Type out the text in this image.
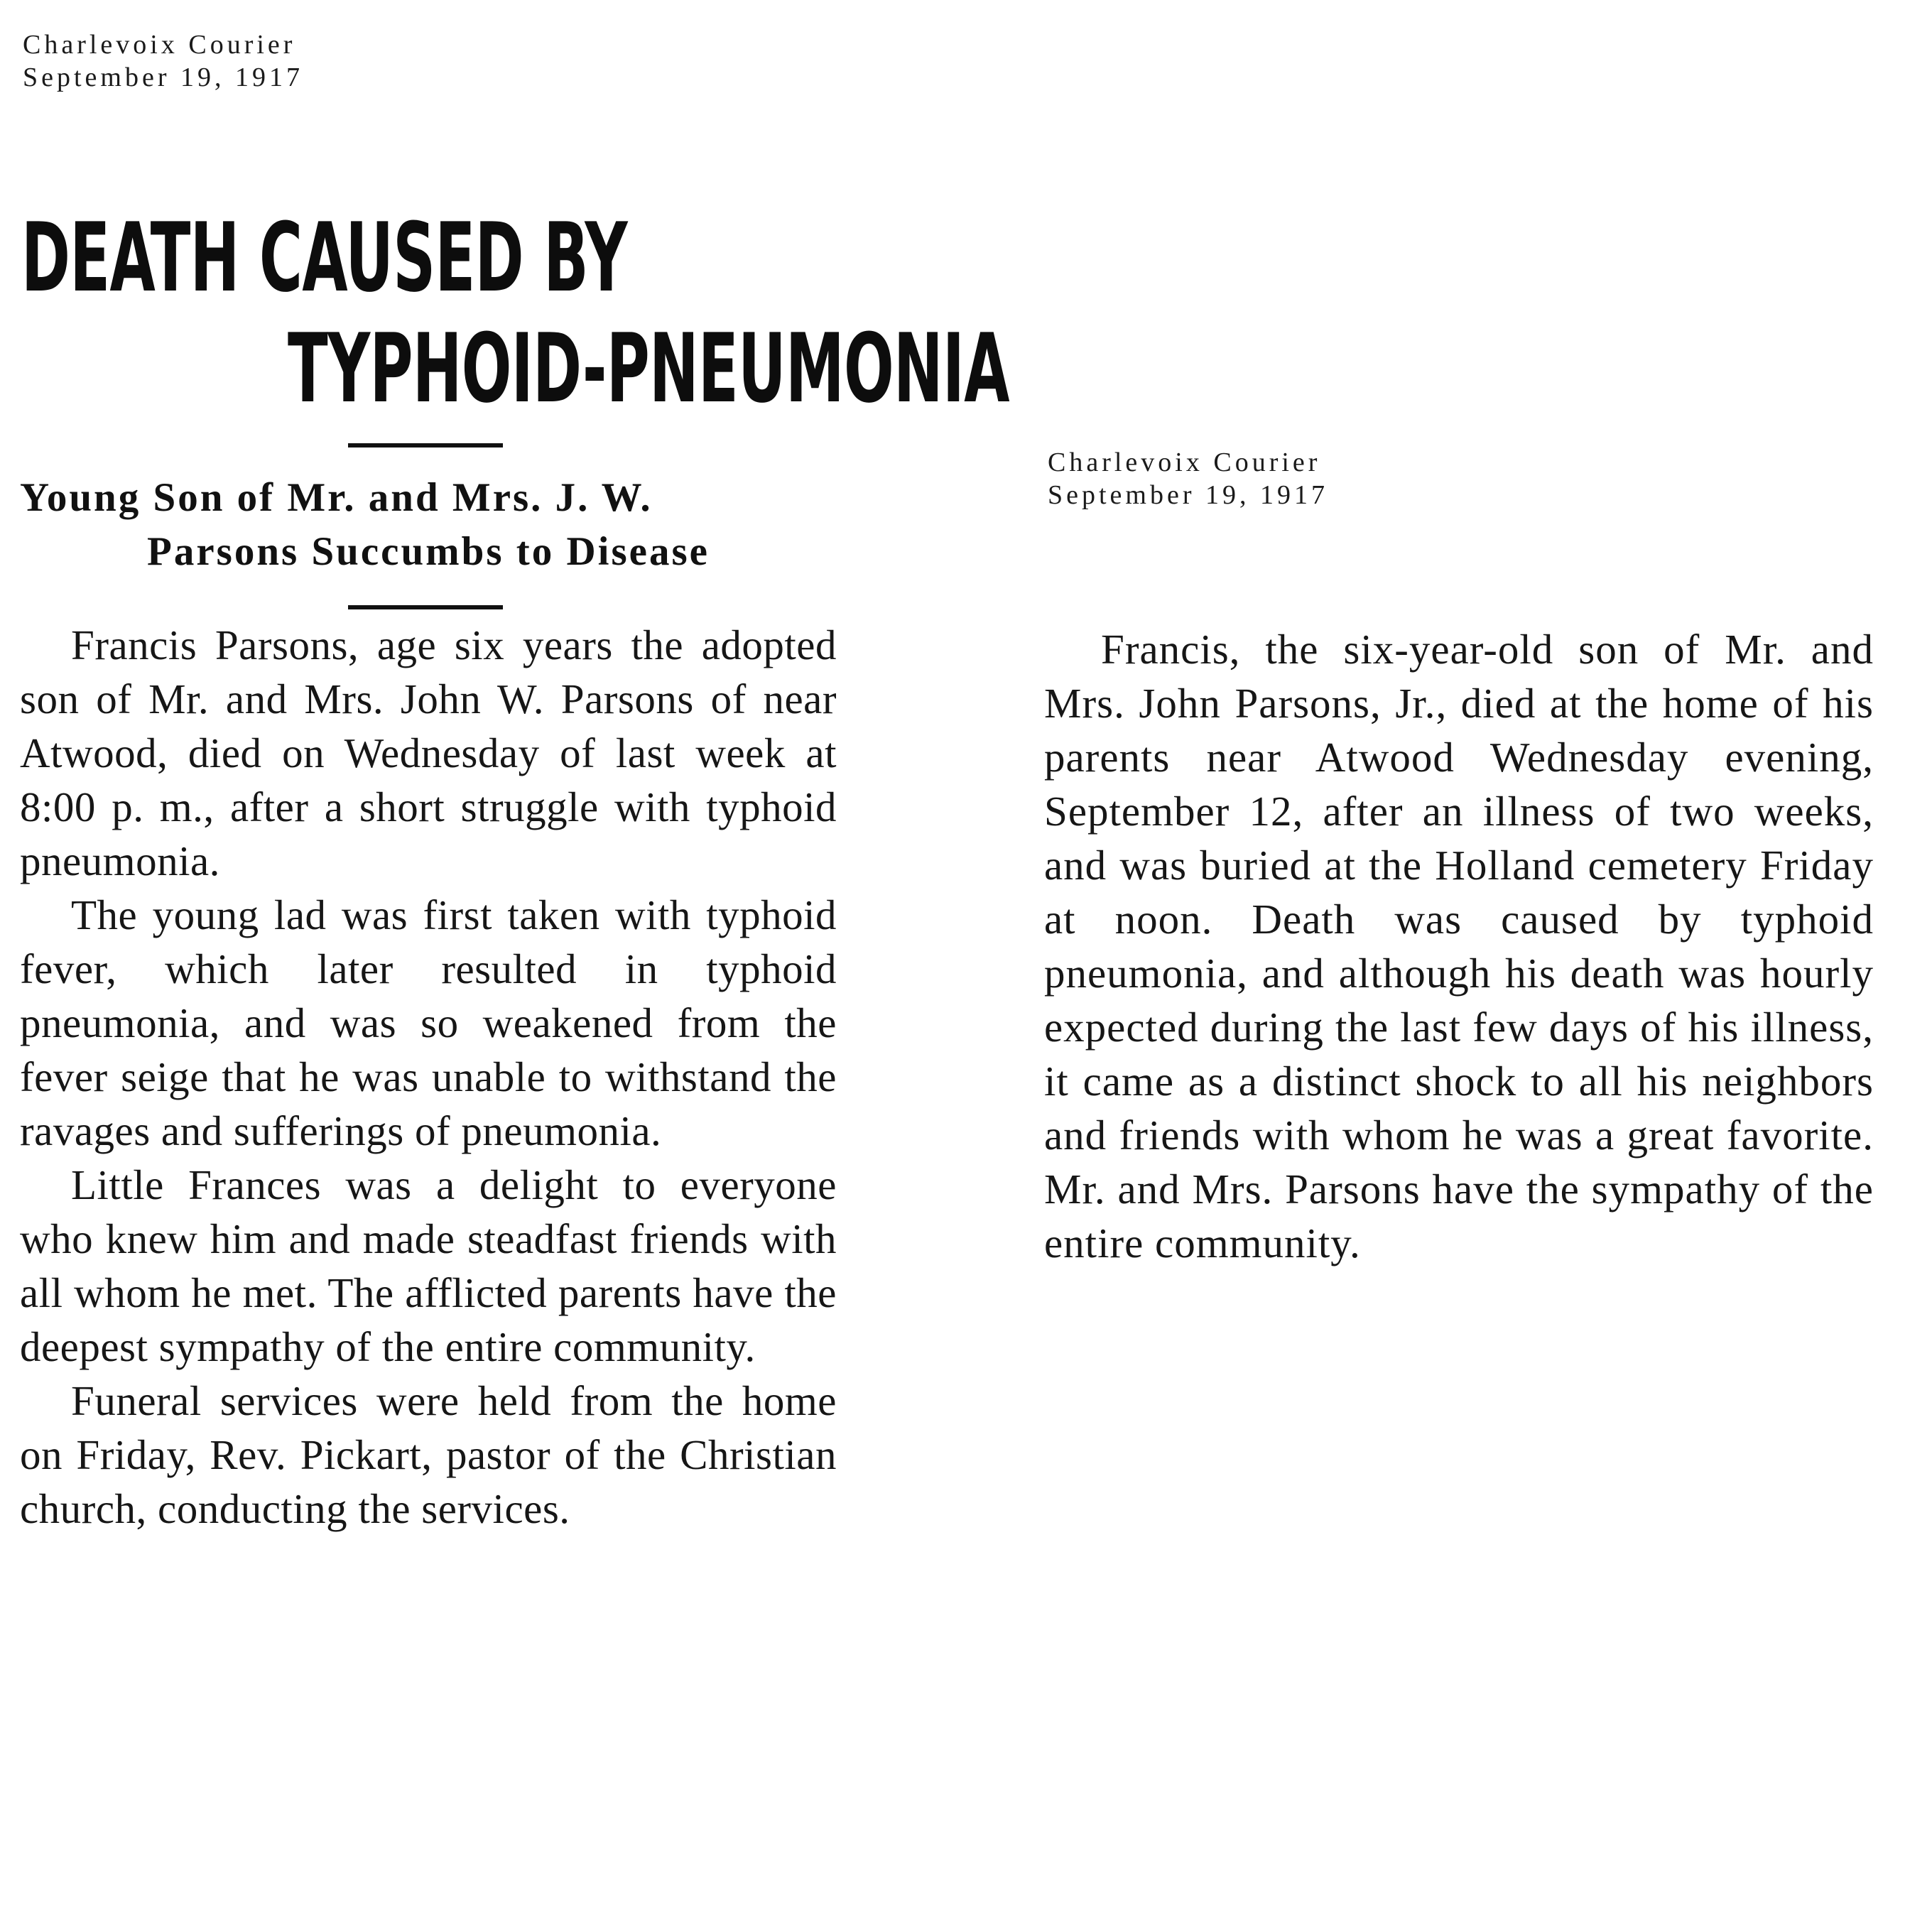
Charlevoix Courier
September 19, 1917
DEATH CAUSED BY
TYPHOID-PNEUMONIA
Young Son of Mr. and Mrs. J. W.
Parsons Succumbs to Disease

Francis Parsons, age six years the adopted son of Mr. and Mrs. John W. Parsons of near Atwood, died on Wednesday of last week at 8:00 p. m., after a short struggle with typhoid pneumonia.

The young lad was first taken with typhoid fever, which later resulted in typhoid pneumonia, and was so weakened from the fever seige that he was unable to withstand the ravages and sufferings of pneumonia.

Little Frances was a delight to everyone who knew him and made steadfast friends with all whom he met. The afflicted parents have the deepest sympathy of the entire community.

Funeral services were held from the home on Friday, Rev. Pickart, pastor of the Christian church, conducting the services.

Charlevoix Courier
September 19, 1917

Francis, the six-year-old son of Mr. and Mrs. John Parsons, Jr., died at the home of his parents near Atwood Wednesday evening, September 12, after an illness of two weeks, and was buried at the Holland cemetery Friday at noon. Death was caused by typhoid pneumonia, and although his death was hourly expected during the last few days of his illness, it came as a distinct shock to all his neighbors and friends with whom he was a great favorite. Mr. and Mrs. Parsons have the sympathy of the entire community.
